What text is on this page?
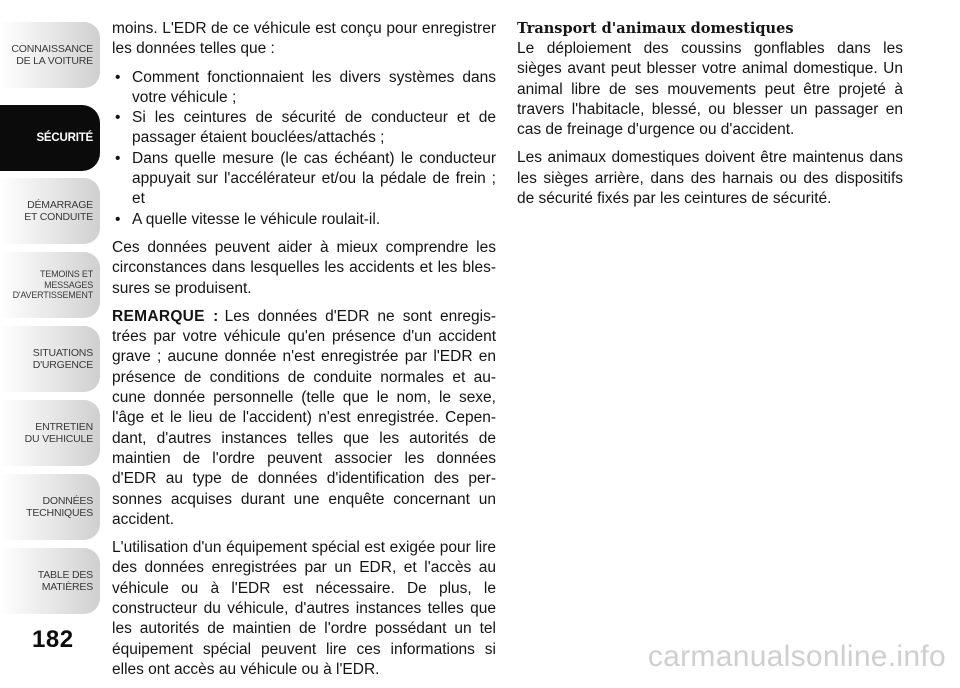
CONNAISSANCE
DE LA VOITURE
SÉCURITÉ
DÉMARRAGE
ET CONDUITE
TEMOINS ET
MESSAGES
D'AVERTISSEMENT
SITUATIONS
D'URGENCE
ENTRETIEN
DU VEHICULE
DONNÉES
TECHNIQUES
TABLE DES
MATIÈRES
182

moins. L'EDR de ce véhicule est conçu pour enregistrer les données telles que :

• Comment fonctionnaient les divers systèmes dans votre véhicule ;
• Si les ceintures de sécurité de conducteur et de passager étaient bouclées/attachés ;
• Dans quelle mesure (le cas échéant) le conducteur appuyait sur l'accélérateur et/ou la pédale de frein ; et
• A quelle vitesse le véhicule roulait-il.

Ces données peuvent aider à mieux comprendre les circonstances dans lesquelles les accidents et les bles-sures se produisent.

REMARQUE : Les données d'EDR ne sont enregis-trées par votre véhicule qu'en présence d'un accident grave ; aucune donnée n'est enregistrée par l'EDR en présence de conditions de conduite normales et au-cune donnée personnelle (telle que le nom, le sexe, l'âge et le lieu de l'accident) n'est enregistrée. Cepen-dant, d'autres instances telles que les autorités de maintien de l'ordre peuvent associer les données d'EDR au type de données d'identification des per-sonnes acquises durant une enquête concernant un accident.

L'utilisation d'un équipement spécial est exigée pour lire des données enregistrées par un EDR, et l'accès au véhicule ou à l'EDR est nécessaire. De plus, le constructeur du véhicule, d'autres instances telles que les autorités de maintien de l'ordre possédant un tel équipement spécial peuvent lire ces informations si elles ont accès au véhicule ou à l'EDR.

Transport d'animaux domestiques

Le déploiement des coussins gonflables dans les sièges avant peut blesser votre animal domestique. Un animal libre de ses mouvements peut être projeté à travers l'habitacle, blessé, ou blesser un passager en cas de freinage d'urgence ou d'accident.

Les animaux domestiques doivent être maintenus dans les sièges arrière, dans des harnais ou des dispositifs de sécurité fixés par les ceintures de sécurité.

carmanualsonline.info
